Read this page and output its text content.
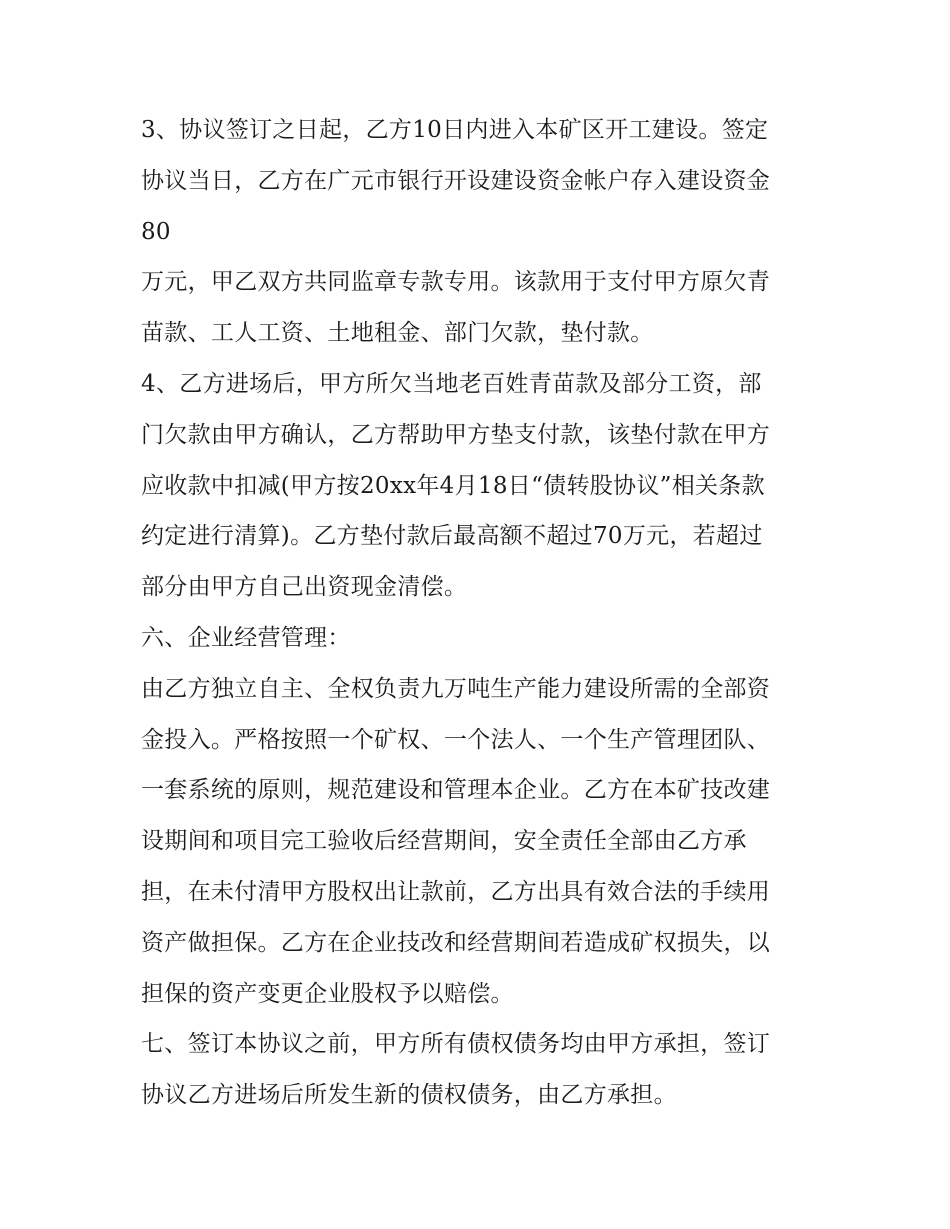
3、协议签订之日起，乙方10日内进入本矿区开工建设。签定
协议当日，乙方在广元市银行开设建设资金帐户存入建设资金
80
万元，甲乙双方共同监章专款专用。该款用于支付甲方原欠青
苗款、工人工资、土地租金、部门欠款，垫付款。
4、乙方进场后，甲方所欠当地老百姓青苗款及部分工资，部
门欠款由甲方确认，乙方帮助甲方垫支付款，该垫付款在甲方
应收款中扣减(甲方按20xx年4月18日“债转股协议”相关条款
约定进行清算)。乙方垫付款后最高额不超过70万元，若超过
部分由甲方自己出资现金清偿。
六、企业经营管理：
由乙方独立自主、全权负责九万吨生产能力建设所需的全部资
金投入。严格按照一个矿权、一个法人、一个生产管理团队、
一套系统的原则，规范建设和管理本企业。乙方在本矿技改建
设期间和项目完工验收后经营期间，安全责任全部由乙方承
担，在未付清甲方股权出让款前，乙方出具有效合法的手续用
资产做担保。乙方在企业技改和经营期间若造成矿权损失，以
担保的资产变更企业股权予以赔偿。
七、签订本协议之前，甲方所有债权债务均由甲方承担，签订
协议乙方进场后所发生新的债权债务，由乙方承担。
